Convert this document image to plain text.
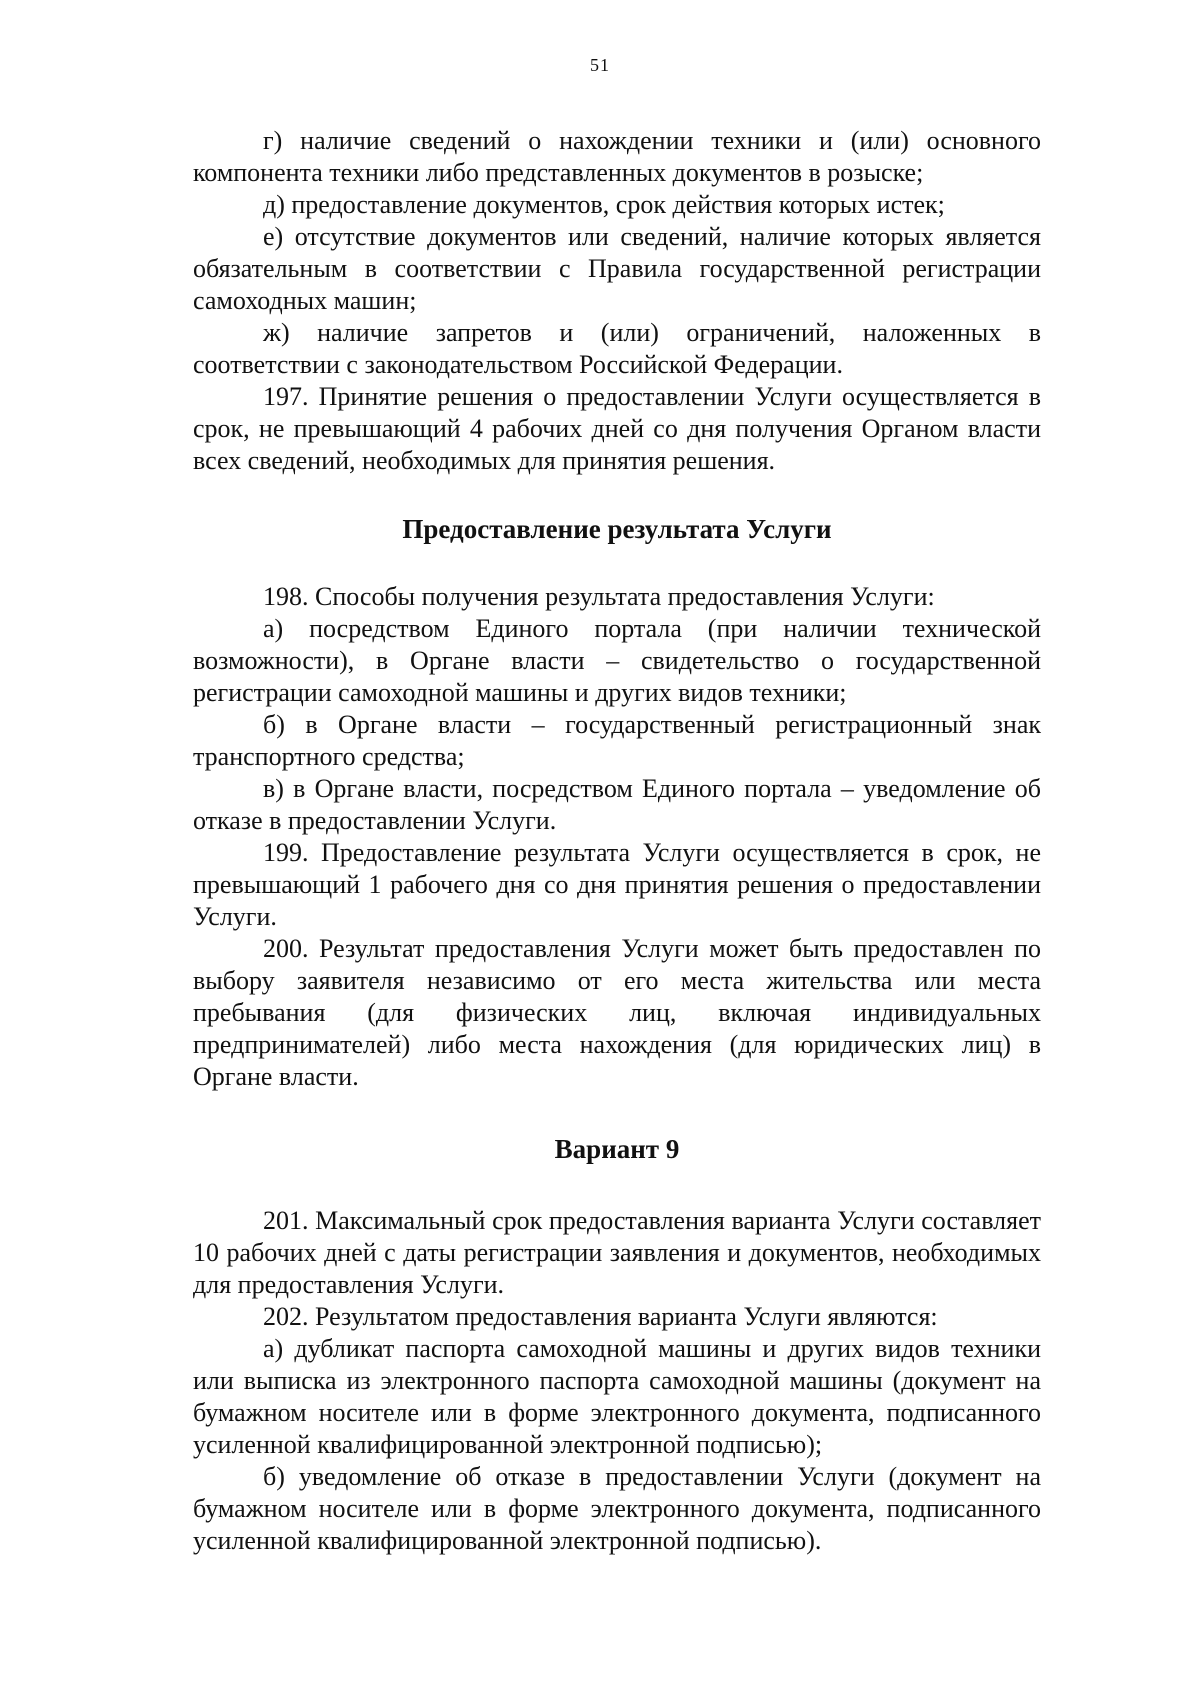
51

г) наличие сведений о нахождении техники и (или) основного компонента техники либо представленных документов в розыске;

д) предоставление документов, срок действия которых истек;

е) отсутствие документов или сведений, наличие которых является обязательным в соответствии с Правила государственной регистрации самоходных машин;

ж) наличие запретов и (или) ограничений, наложенных в соответствии с законодательством Российской Федерации.

197. Принятие решения о предоставлении Услуги осуществляется в срок, не превышающий 4 рабочих дней со дня получения Органом власти всех сведений, необходимых для принятия решения.

Предоставление результата Услуги

198. Способы получения результата предоставления Услуги:

а) посредством Единого портала (при наличии технической возможности), в Органе власти – свидетельство о государственной регистрации самоходной машины и других видов техники;

б) в Органе власти – государственный регистрационный знак транспортного средства;

в) в Органе власти, посредством Единого портала – уведомление об отказе в предоставлении Услуги.

199. Предоставление результата Услуги осуществляется в срок, не превышающий 1 рабочего дня со дня принятия решения о предоставлении Услуги.

200. Результат предоставления Услуги может быть предоставлен по выбору заявителя независимо от его места жительства или места пребывания (для физических лиц, включая индивидуальных предпринимателей) либо места нахождения (для юридических лиц) в Органе власти.

Вариант 9

201. Максимальный срок предоставления варианта Услуги составляет 10 рабочих дней с даты регистрации заявления и документов, необходимых для предоставления Услуги.

202. Результатом предоставления варианта Услуги являются:

а) дубликат паспорта самоходной машины и других видов техники или выписка из электронного паспорта самоходной машины (документ на бумажном носителе или в форме электронного документа, подписанного усиленной квалифицированной электронной подписью);

б) уведомление об отказе в предоставлении Услуги (документ на бумажном носителе или в форме электронного документа, подписанного усиленной квалифицированной электронной подписью).
